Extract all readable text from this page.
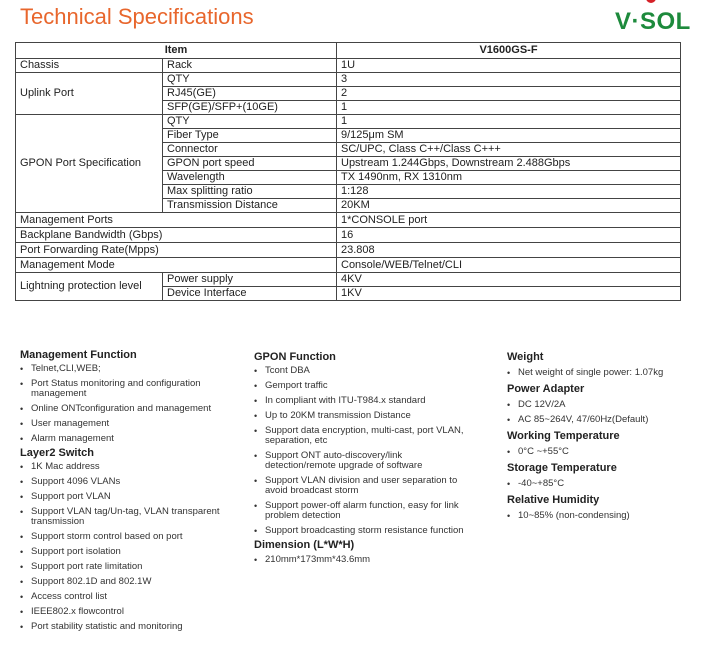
Technical Specifications	V·SOL
Item		V1600GS-F
Chassis	Rack	1U
Uplink Port	QTY	3
	RJ45(GE)	2
	SFP(GE)/SFP+(10GE)	1
GPON Port Specification	QTY	1
	Fiber Type	9/125μm SM
	Connector	SC/UPC, Class C++/Class C+++
	GPON port speed	Upstream 1.244Gbps, Downstream 2.488Gbps
	Wavelength	TX 1490nm, RX 1310nm
	Max splitting ratio	1:128
	Transmission Distance	20KM
Management Ports		1*CONSOLE port
Backplane Bandwidth (Gbps)		16
Port Forwarding Rate(Mpps)		23.808
Management Mode		Console/WEB/Telnet/CLI
Lightning protection level	Power supply	4KV
	Device Interface	1KV
Management Function
• Telnet,CLI,WEB;
• Port Status monitoring and configuration management
• Online ONTconfiguration and management
• User management
• Alarm management
Layer2 Switch
• 1K Mac address
• Support 4096 VLANs
• Support port VLAN
• Support VLAN tag/Un-tag, VLAN transparent transmission
• Support storm control based on port
• Support port isolation
• Support port rate limitation
• Support 802.1D and 802.1W
• Access control list
• IEEE802.x flowcontrol
• Port stability statistic and monitoring
GPON Function
• Tcont DBA
• Gemport traffic
• In compliant with ITU-T984.x standard
• Up to 20KM transmission Distance
• Support data encryption, multi-cast, port VLAN, separation, etc
• Support ONT auto-discovery/link detection/remote upgrade of software
• Support VLAN division and user separation to avoid broadcast storm
• Support power-off alarm function, easy for link problem detection
• Support broadcasting storm resistance function
Dimension (L*W*H)
• 210mm*173mm*43.6mm
Weight
• Net weight of single power: 1.07kg
Power Adapter
• DC 12V/2A
• AC 85~264V, 47/60Hz(Default)
Working Temperature
• 0°C ~+55°C
Storage Temperature
• -40~+85°C
Relative Humidity
• 10~85% (non-condensing)
